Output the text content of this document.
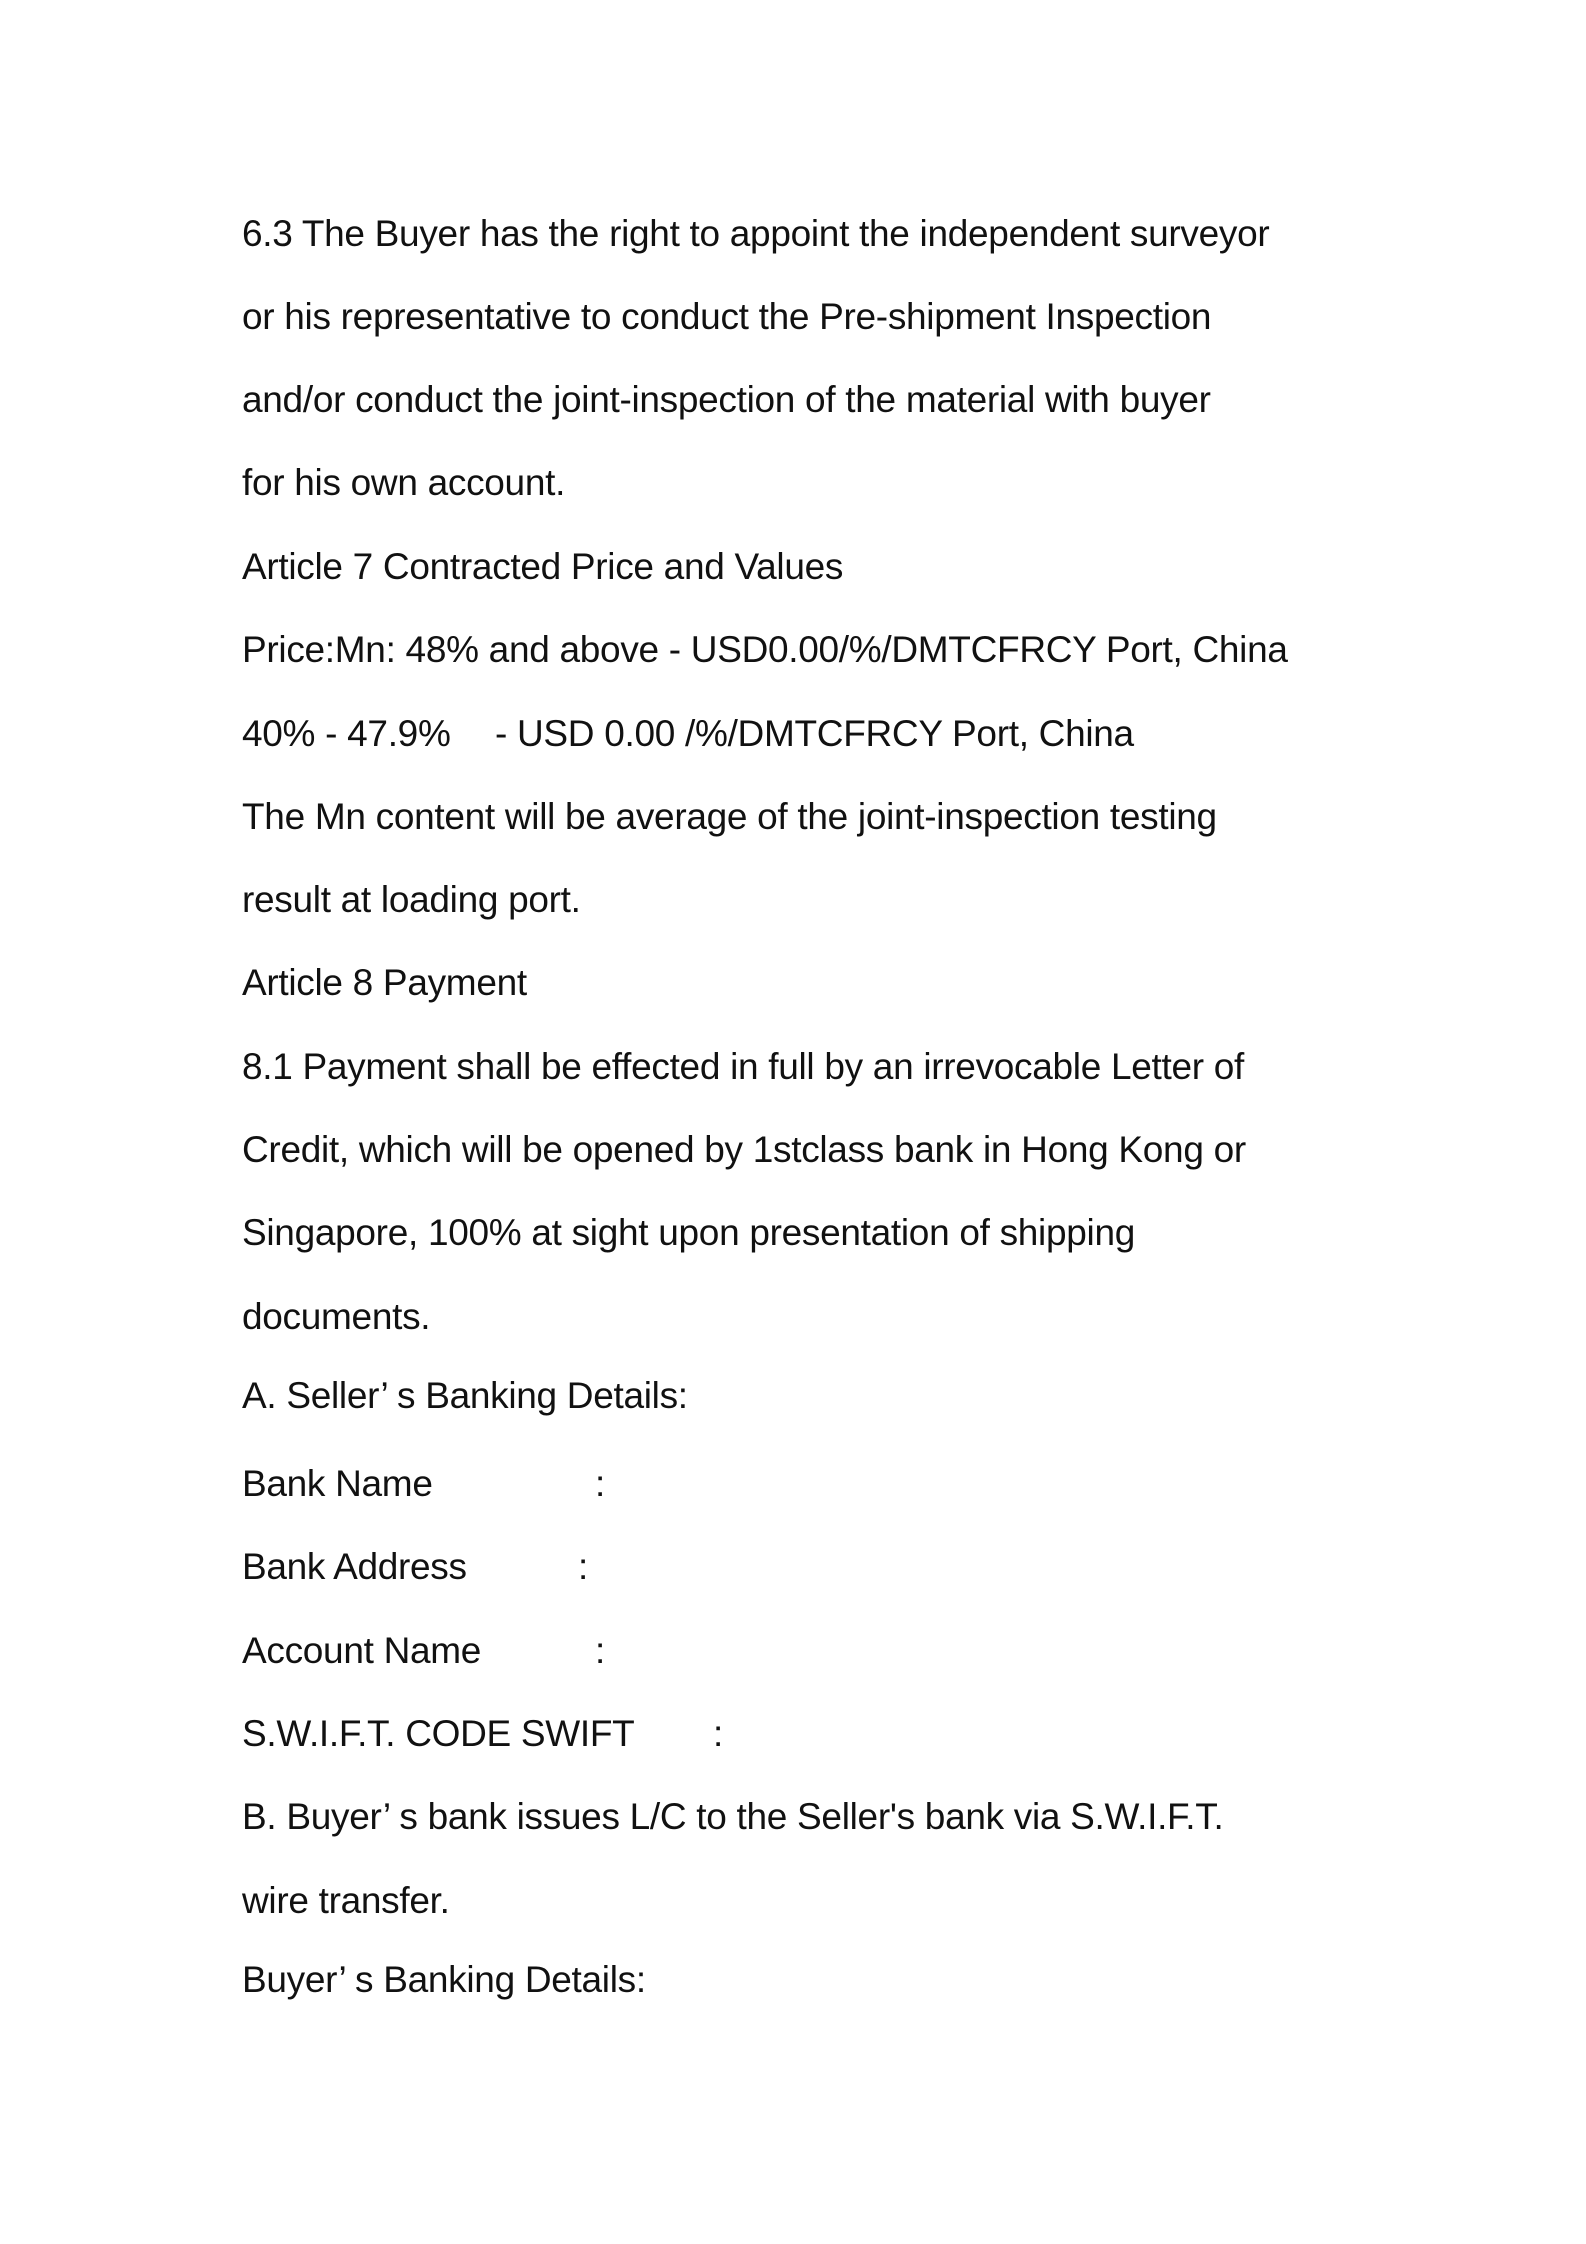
6.3 The Buyer has the right to appoint the independent surveyor
or his representative to conduct the Pre-shipment Inspection
and/or conduct the joint-inspection of the material with buyer
for his own account.
Article 7 Contracted Price and Values
Price:Mn: 48% and above - USD0.00/%/DMTCFRCY Port, China
40% - 47.9% - USD 0.00 /%/DMTCFRCY Port, China
The Mn content will be average of the joint-inspection testing
result at loading port.
Article 8 Payment
8.1 Payment shall be effected in full by an irrevocable Letter of
Credit, which will be opened by 1stclass bank in Hong Kong or
Singapore, 100% at sight upon presentation of shipping
documents.
A. Seller’ s Banking Details:
Bank Name	:
Bank Address	:
Account Name	:
S.W.I.F.T. CODE SWIFT :
B. Buyer’ s bank issues L/C to the Seller's bank via S.W.I.F.T.
wire transfer.
Buyer’ s Banking Details:
